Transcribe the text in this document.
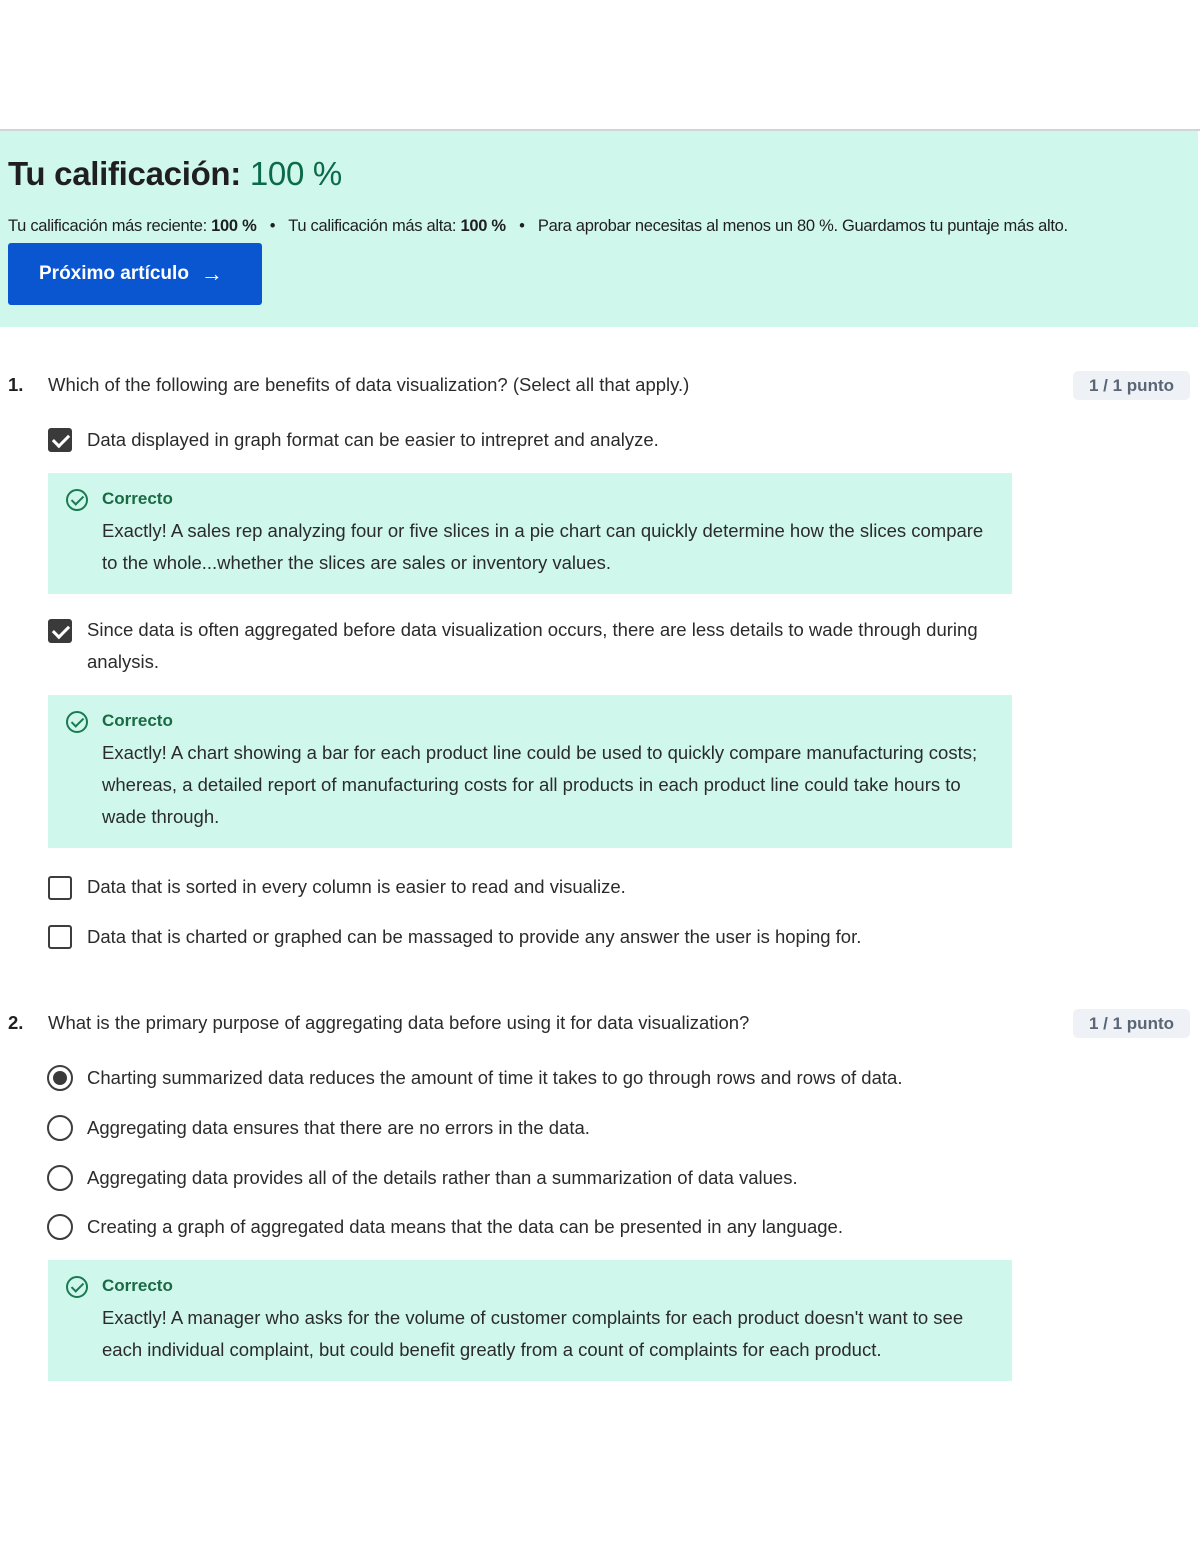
Tu calificación: 100 %
Tu calificación más reciente: 100 % • Tu calificación más alta: 100 % • Para aprobar necesitas al menos un 80 %. Guardamos tu puntaje más alto.
Próximo artículo →
1. Which of the following are benefits of data visualization? (Select all that apply.)	1 / 1 punto
Data displayed in graph format can be easier to intrepret and analyze.
Correcto
Exactly! A sales rep analyzing four or five slices in a pie chart can quickly determine how the slices compare to the whole...whether the slices are sales or inventory values.
Since data is often aggregated before data visualization occurs, there are less details to wade through during analysis.
Correcto
Exactly! A chart showing a bar for each product line could be used to quickly compare manufacturing costs; whereas, a detailed report of manufacturing costs for all products in each product line could take hours to wade through.
Data that is sorted in every column is easier to read and visualize.
Data that is charted or graphed can be massaged to provide any answer the user is hoping for.
2. What is the primary purpose of aggregating data before using it for data visualization?	1 / 1 punto
Charting summarized data reduces the amount of time it takes to go through rows and rows of data.
Aggregating data ensures that there are no errors in the data.
Aggregating data provides all of the details rather than a summarization of data values.
Creating a graph of aggregated data means that the data can be presented in any language.
Correcto
Exactly! A manager who asks for the volume of customer complaints for each product doesn't want to see each individual complaint, but could benefit greatly from a count of complaints for each product.
